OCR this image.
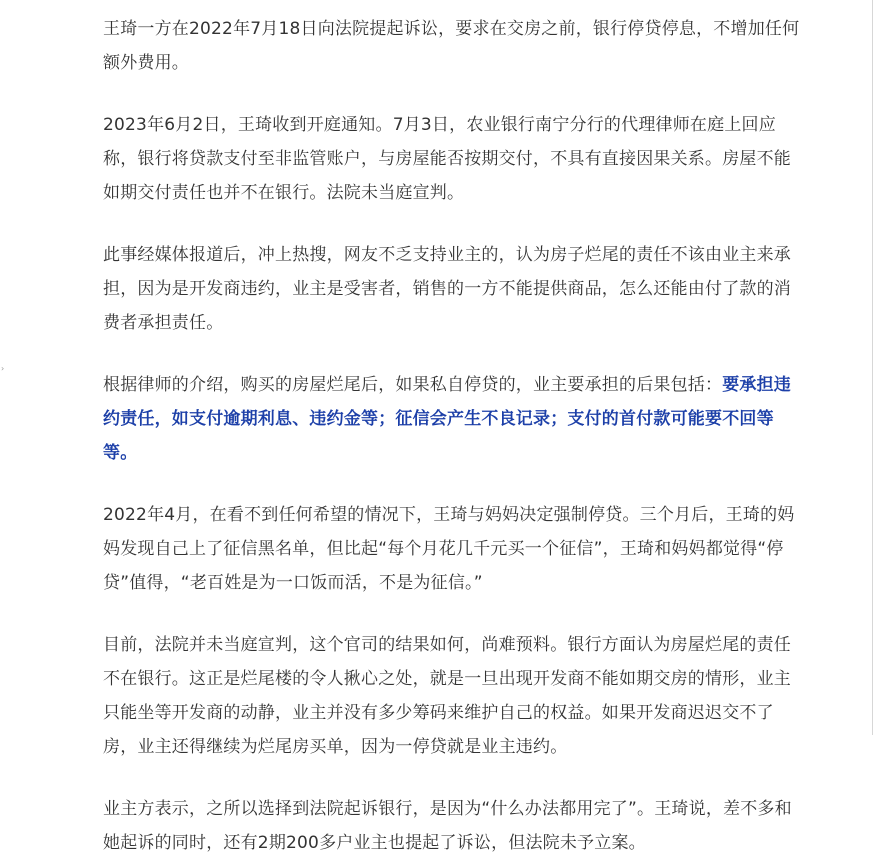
王琦一方在2022年7月18日向法院提起诉讼，要求在交房之前，银行停贷停息，不增加任何额外费用。

2023年6月2日，王琦收到开庭通知。7月3日，农业银行南宁分行的代理律师在庭上回应称，银行将贷款支付至非监管账户，与房屋能否按期交付，不具有直接因果关系。房屋不能如期交付责任也并不在银行。法院未当庭宣判。

此事经媒体报道后，冲上热搜，网友不乏支持业主的，认为房子烂尾的责任不该由业主来承担，因为是开发商违约，业主是受害者，销售的一方不能提供商品，怎么还能由付了款的消费者承担责任。

根据律师的介绍，购买的房屋烂尾后，如果私自停贷的，业主要承担的后果包括：要承担违约责任，如支付逾期利息、违约金等；征信会产生不良记录；支付的首付款可能要不回等等。

2022年4月，在看不到任何希望的情况下，王琦与妈妈决定强制停贷。三个月后，王琦的妈妈发现自己上了征信黑名单，但比起“每个月花几千元买一个征信”，王琦和妈妈都觉得“停贷”值得，“老百姓是为一口饭而活，不是为征信。”

目前，法院并未当庭宣判，这个官司的结果如何，尚难预料。银行方面认为房屋烂尾的责任不在银行。这正是烂尾楼的令人揪心之处，就是一旦出现开发商不能如期交房的情形，业主只能坐等开发商的动静，业主并没有多少筹码来维护自己的权益。如果开发商迟迟交不了房，业主还得继续为烂尾房买单，因为一停贷就是业主违约。

业主方表示，之所以选择到法院起诉银行，是因为“什么办法都用完了”。王琦说，差不多和她起诉的同时，还有2期200多户业主也提起了诉讼，但法院未予立案。

›
